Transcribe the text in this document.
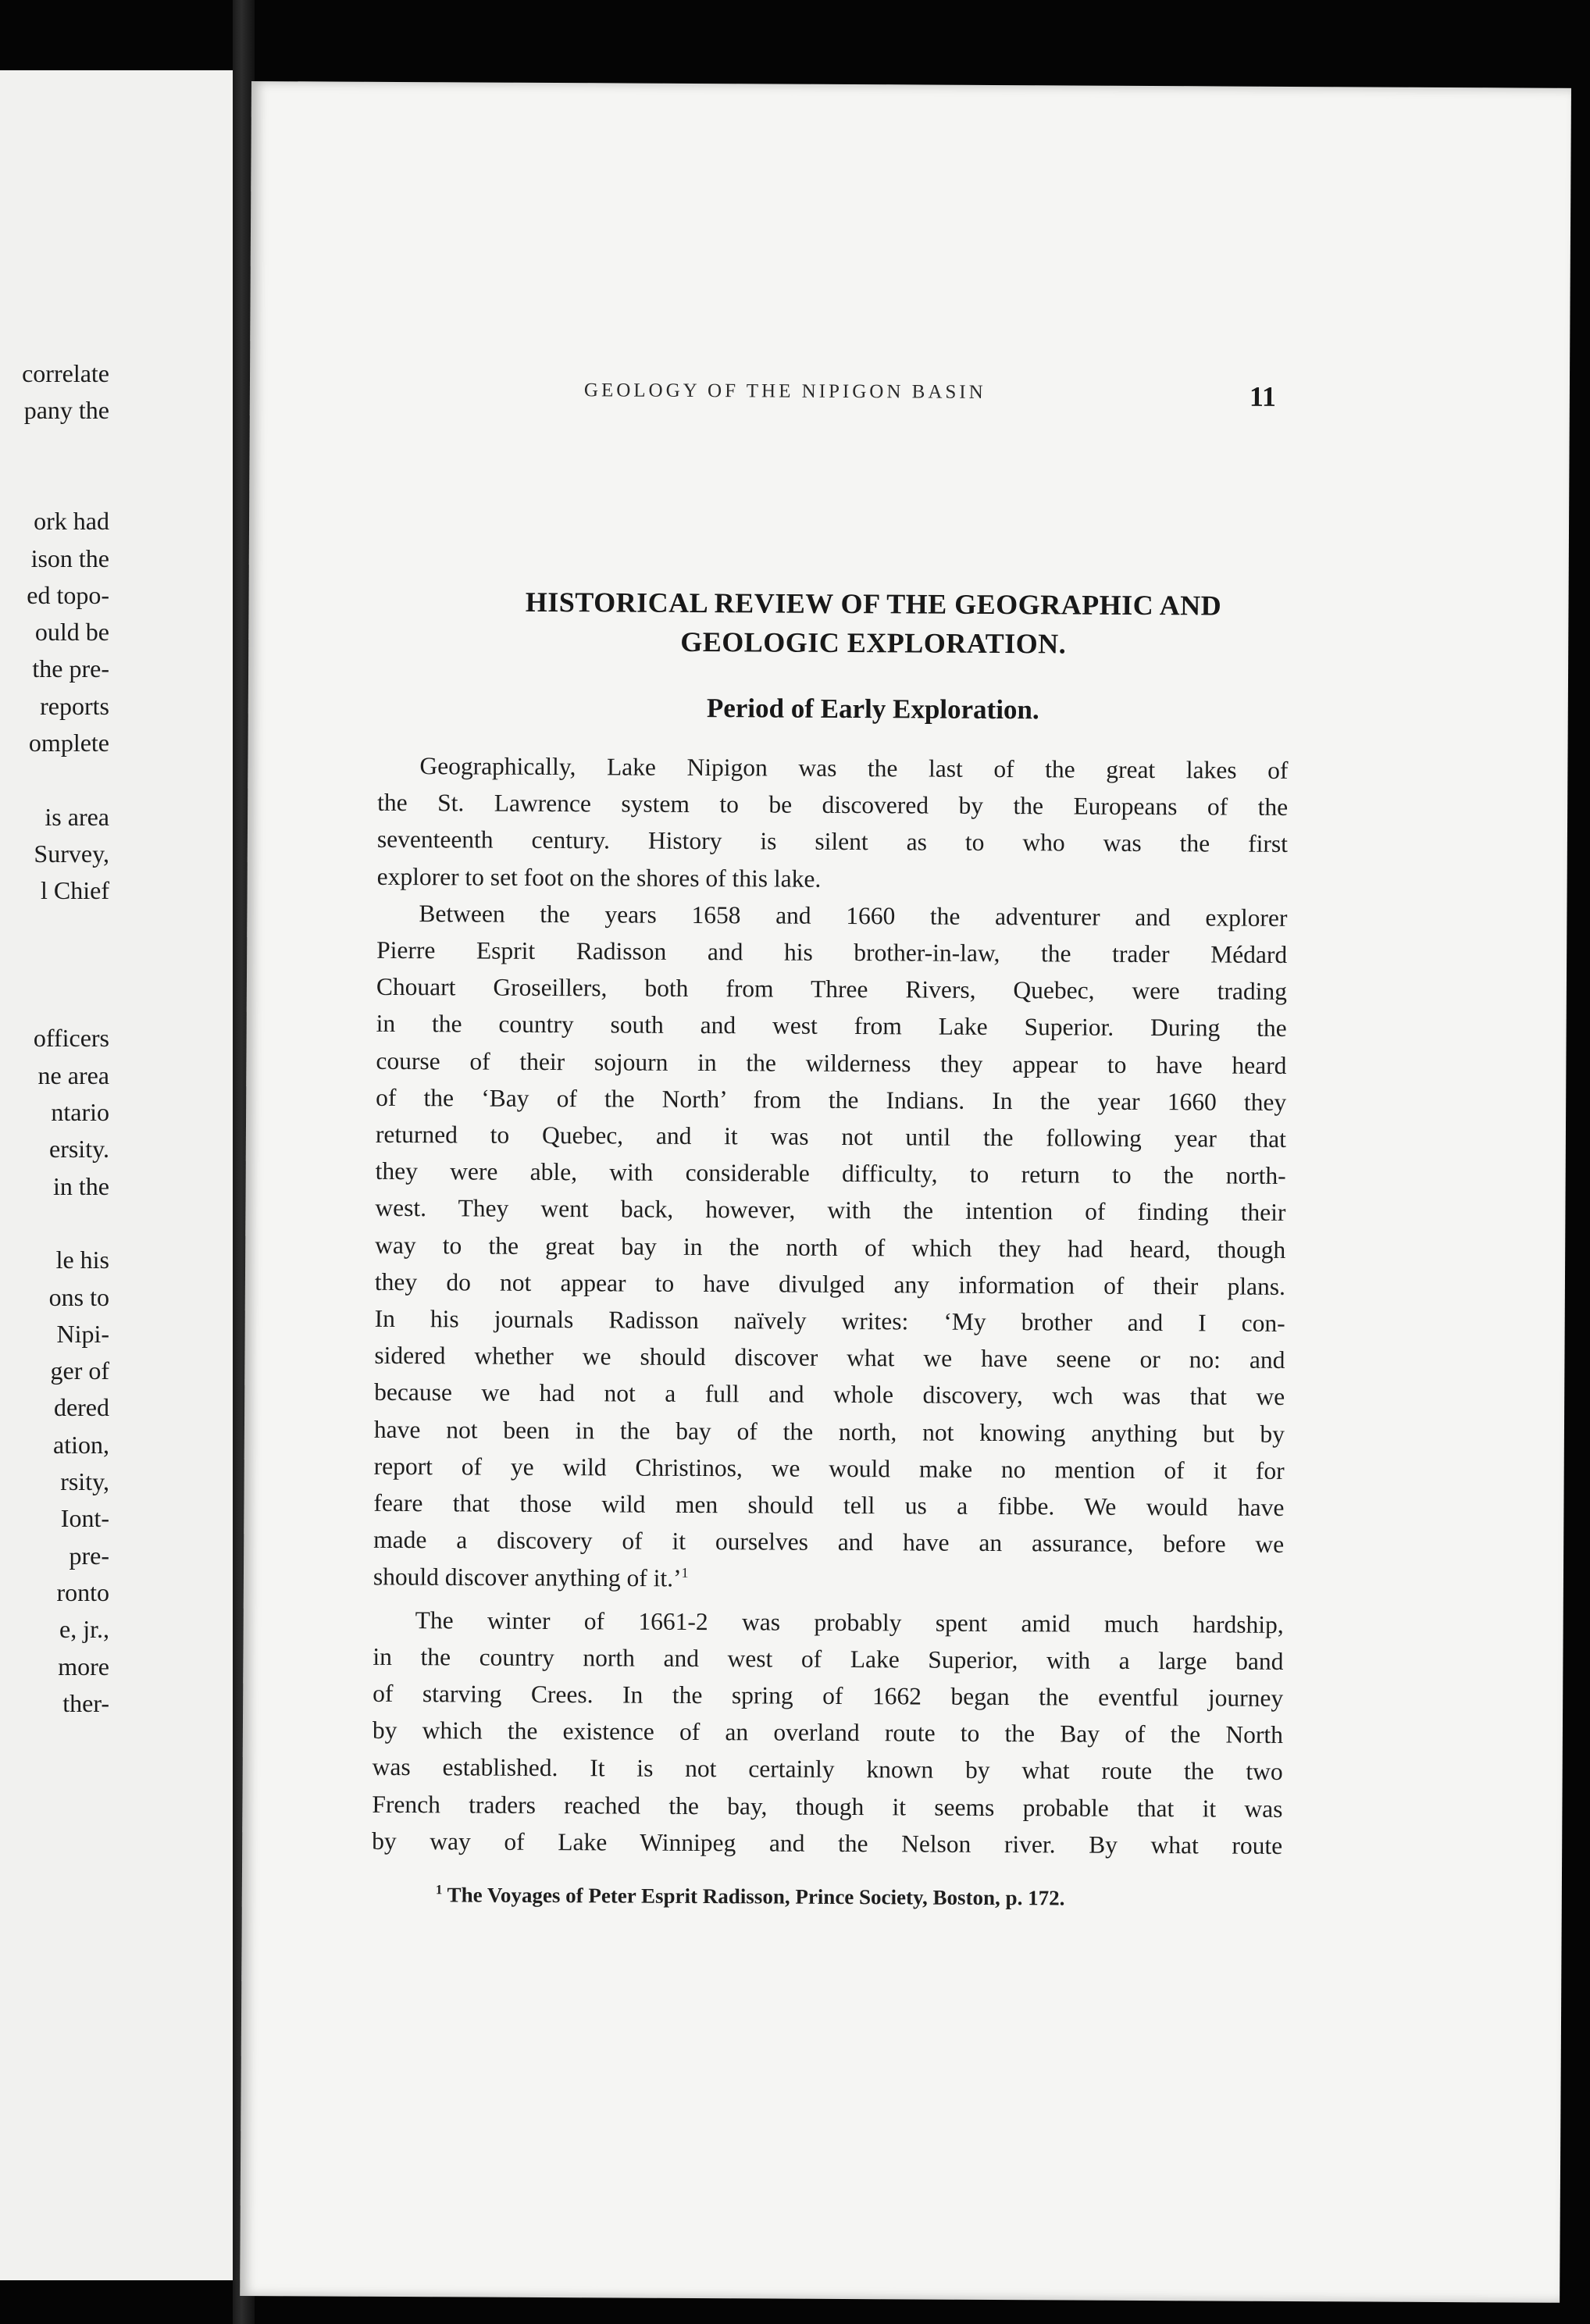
correlate
pany the
ork had
ison the
ed topo-
ould be
the pre-
reports
omplete
is area
Survey,
l Chief
officers
ne area
ntario
ersity.
in the
le his
ons to
Nipi-
ger of
dered
ation,
rsity,
Iont-
pre-
ronto
e, jr.,
more
ther-
GEOLOGY OF THE NIPIGON BASIN	11
HISTORICAL REVIEW OF THE GEOGRAPHIC AND
GEOLOGIC EXPLORATION.
Period of Early Exploration.
Geographically, Lake Nipigon was the last of the great lakes of
the St. Lawrence system to be discovered by the Europeans of the
seventeenth century. History is silent as to who was the first
explorer to set foot on the shores of this lake.
Between the years 1658 and 1660 the adventurer and explorer
Pierre Esprit Radisson and his brother-in-law, the trader Médard
Chouart Groseillers, both from Three Rivers, Quebec, were trading
in the country south and west from Lake Superior. During the
course of their sojourn in the wilderness they appear to have heard
of the ‘Bay of the North’ from the Indians. In the year 1660 they
returned to Quebec, and it was not until the following year that
they were able, with considerable difficulty, to return to the north-
west. They went back, however, with the intention of finding their
way to the great bay in the north of which they had heard, though
they do not appear to have divulged any information of their plans.
In his journals Radisson naïvely writes: ‘My brother and I con-
sidered whether we should discover what we have seene or no: and
because we had not a full and whole discovery, wch was that we
have not been in the bay of the north, not knowing anything but by
report of ye wild Christinos, we would make no mention of it for
feare that those wild men should tell us a fibbe. We would have
made a discovery of it ourselves and have an assurance, before we
should discover anything of it.’$^1$
The winter of 1661-2 was probably spent amid much hardship,
in the country north and west of Lake Superior, with a large band
of starving Crees. In the spring of 1662 began the eventful journey
by which the existence of an overland route to the Bay of the North
was established. It is not certainly known by what route the two
French traders reached the bay, though it seems probable that it was
by way of Lake Winnipeg and the Nelson river. By what route
$^1$ The Voyages of Peter Esprit Radisson, Prince Society, Boston, p. 172.
